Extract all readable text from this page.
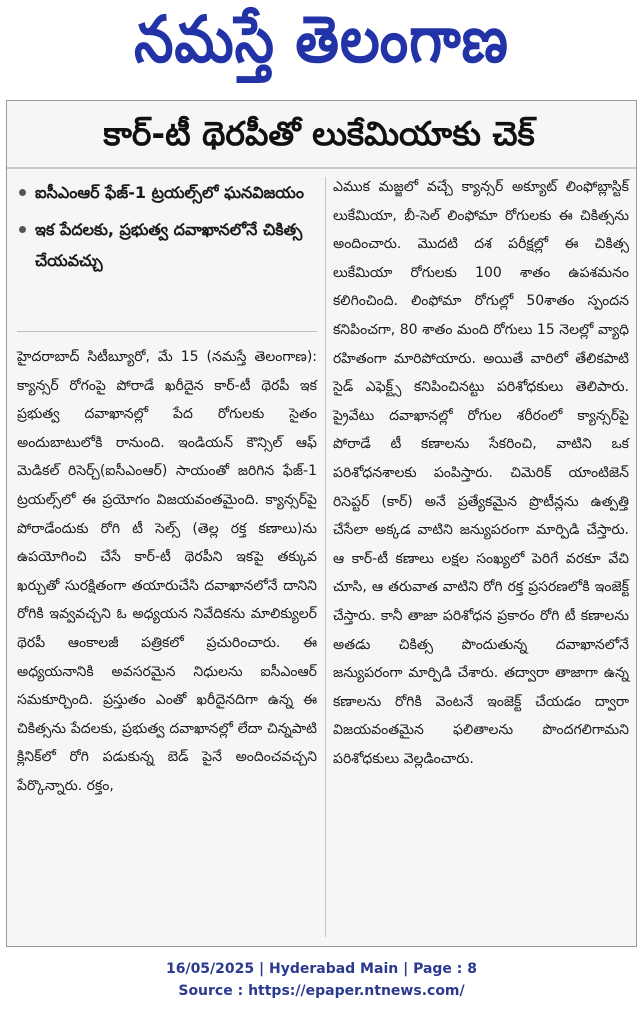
నమస్తే తెలంగాణ
కార్-టీ థెరపీతో లుకేమియాకు చెక్
ఐసీఎంఆర్ ఫేజ్-1 ట్రయల్స్‌లో ఘనవిజయం
ఇక పేదలకు, ప్రభుత్వ దవాఖానలోనే చికిత్స చేయవచ్చు
హైదరాబాద్ సిటీబ్యూరో, మే 15 (నమస్తే తెలంగాణ): క్యాన్సర్ రోగంపై పోరాడే ఖరీదైన కార్-టీ థెరపీ ఇక ప్రభుత్వ దవాఖానల్లో పేద రోగులకు సైతం అందుబాటులోకి రానుంది. ఇండియన్ కౌన్సిల్ ఆఫ్ మెడికల్ రిసెర్చ్(ఐసీఎంఆర్) సాయంతో జరిగిన ఫేజ్-1 ట్రయల్స్‌లో ఈ ప్రయోగం విజయవంతమైంది. క్యాన్సర్‌పై పోరాడేందుకు రోగి టీ సెల్స్ (తెల్ల రక్త కణాలు)ను ఉపయోగించి చేసే కార్-టీ థెరపీని ఇకపై తక్కువ ఖర్చుతో సురక్షితంగా తయారుచేసి దవాఖానలోనే దానిని రోగికి ఇవ్వవచ్చని ఓ అధ్యయన నివేదికను మాలిక్యులర్ థెరపీ ఆంకాలజీ పత్రికలో ప్రచురించారు. ఈ అధ్యయనానికి అవసరమైన నిధులను ఐసీఎంఆర్ సమకూర్చింది. ప్రస్తుతం ఎంతో ఖరీదైనదిగా ఉన్న ఈ చికిత్సను పేదలకు, ప్రభుత్వ దవాఖానల్లో లేదా చిన్నపాటి క్లినిక్‌లో రోగి పడుకున్న బెడ్ పైనే అందించవచ్చని పేర్కొన్నారు. రక్తం,
ఎముక మజ్జలో వచ్చే క్యాన్సర్ అక్యూట్ లింఫోబ్లాస్టిక్ లుకేమియా, బీ-సెల్ లింఫోమా రోగులకు ఈ చికిత్సను అందించారు. మొదటి దశ పరీక్షల్లో ఈ చికిత్స లుకేమియా రోగులకు 100 శాతం ఉపశమనం కలిగించింది. లింఫోమా రోగుల్లో 50శాతం స్పందన కనిపించగా, 80 శాతం మంది రోగులు 15 నెలల్లో వ్యాధి రహితంగా మారిపోయారు. అయితే వారిలో తేలికపాటి సైడ్ ఎఫెక్ట్స్ కనిపించినట్టు పరిశోధకులు తెలిపారు. ప్రైవేటు దవాఖానల్లో రోగుల శరీరంలో క్యాన్సర్‌పై పోరాడే టీ కణాలను సేకరించి, వాటిని ఒక పరిశోధనశాలకు పంపిస్తారు. చిమెరిక్ యాంటిజెన్ రిసెప్టర్ (కార్) అనే ప్రత్యేకమైన ప్రొటీన్లను ఉత్పత్తి చేసేలా అక్కడ వాటిని జన్యుపరంగా మార్పిడి చేస్తారు. ఆ కార్-టీ కణాలు లక్షల సంఖ్యలో పెరిగే వరకూ వేచి చూసి, ఆ తరువాత వాటిని రోగి రక్త ప్రసరణలోకి ఇంజెక్ట్ చేస్తారు. కానీ తాజా పరిశోధన ప్రకారం రోగి టీ కణాలను అతడు చికిత్స పొందుతున్న దవాఖానలోనే జన్యుపరంగా మార్పిడి చేశారు. తద్వారా తాజాగా ఉన్న కణాలను రోగికి వెంటనే ఇంజెక్ట్ చేయడం ద్వారా విజయవంతమైన ఫలితాలను పొందగలిగామని పరిశోధకులు వెల్లడించారు.
16/05/2025 | Hyderabad Main | Page : 8
Source : https://epaper.ntnews.com/
